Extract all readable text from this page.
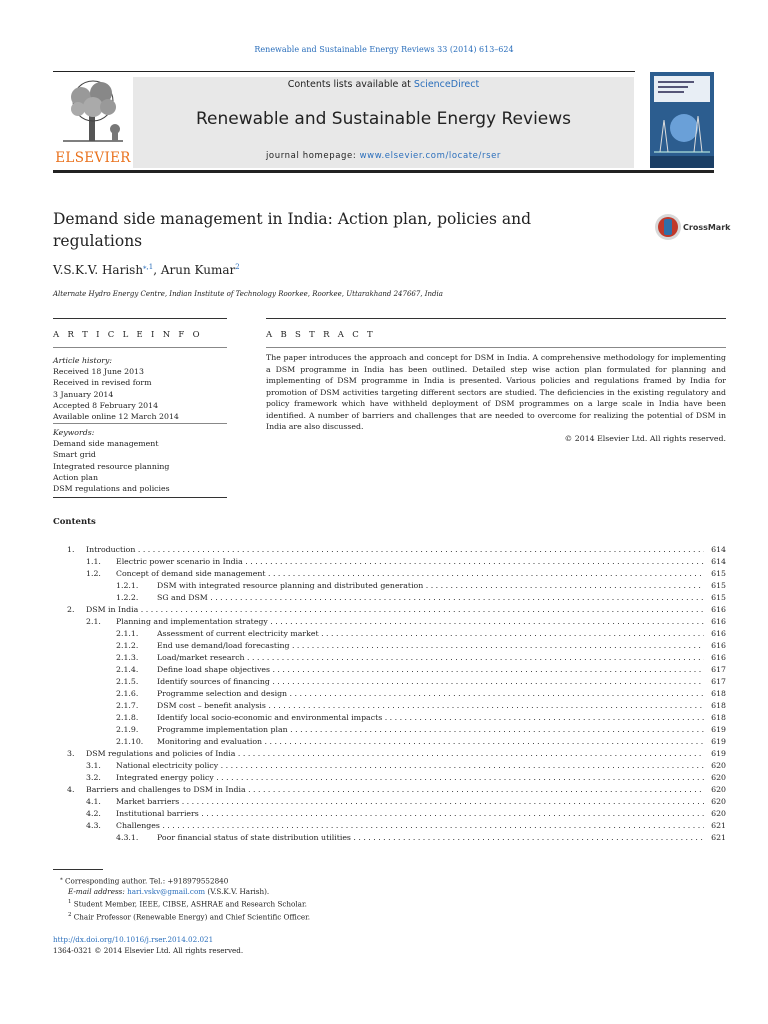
Renewable and Sustainable Energy Reviews 33 (2014) 613–624
ELSEVIER
Contents lists available at ScienceDirect
Renewable and Sustainable Energy Reviews
journal homepage: www.elsevier.com/locate/rser
Demand side management in India: Action plan, policies and regulations
CrossMark
V.S.K.V. Harish$^{⁎,1}$, Arun Kumar$^2$
Alternate Hydro Energy Centre, Indian Institute of Technology Roorkee, Roorkee, Uttarakhand 247667, India
A R T I C L E I N F O	A B S T R A C T
Article history:
Received 18 June 2013
Received in revised form
3 January 2014
Accepted 8 February 2014
Available online 12 March 2014
Keywords:
Demand side management
Smart grid
Integrated resource planning
Action plan
DSM regulations and policies
The paper introduces the approach and concept for DSM in India. A comprehensive methodology for implementing a DSM programme in India has been outlined. Detailed step wise action plan formulated for planning and implementing of DSM programme in India is presented. Various policies and regulations framed by India for promotion of DSM activities targeting different sectors are studied. The deficiencies in the existing regulatory and policy framework which have withheld deployment of DSM programmes on a large scale in India have been identified. A number of barriers and challenges that are needed to overcome for realizing the potential of DSM in India are also discussed.
© 2014 Elsevier Ltd. All rights reserved.
Contents
1. Introduction . . .	614
1.1. Electric power scenario in India . . .	614
1.2. Concept of demand side management . . .	615
1.2.1. DSM with integrated resource planning and distributed generation . . .	615
1.2.2. SG and DSM . . .	615
2. DSM in India . . .	616
2.1. Planning and implementation strategy . . .	616
2.1.1. Assessment of current electricity market . . .	616
2.1.2. End use demand/load forecasting . . .	616
2.1.3. Load/market research . . .	616
2.1.4. Define load shape objectives . . .	617
2.1.5. Identify sources of financing . . .	617
2.1.6. Programme selection and design . . .	618
2.1.7. DSM cost – benefit analysis . . .	618
2.1.8. Identify local socio-economic and environmental impacts . . .	618
2.1.9. Programme implementation plan . . .	619
2.1.10. Monitoring and evaluation . . .	619
3. DSM regulations and policies of India . . .	619
3.1. National electricity policy . . .	620
3.2. Integrated energy policy . . .	620
4. Barriers and challenges to DSM in India . . .	620
4.1. Market barriers . . .	620
4.2. Institutional barriers . . .	620
4.3. Challenges . . .	621
4.3.1. Poor financial status of state distribution utilities . . .	621
⁎ Corresponding author. Tel.: +918979552840
E-mail address: hari.vskv@gmail.com (V.S.K.V. Harish).
$^1$ Student Member, IEEE, CIBSE, ASHRAE and Research Scholar.
$^2$ Chair Professor (Renewable Energy) and Chief Scientific Officer.
http://dx.doi.org/10.1016/j.rser.2014.02.021
1364-0321 © 2014 Elsevier Ltd. All rights reserved.
